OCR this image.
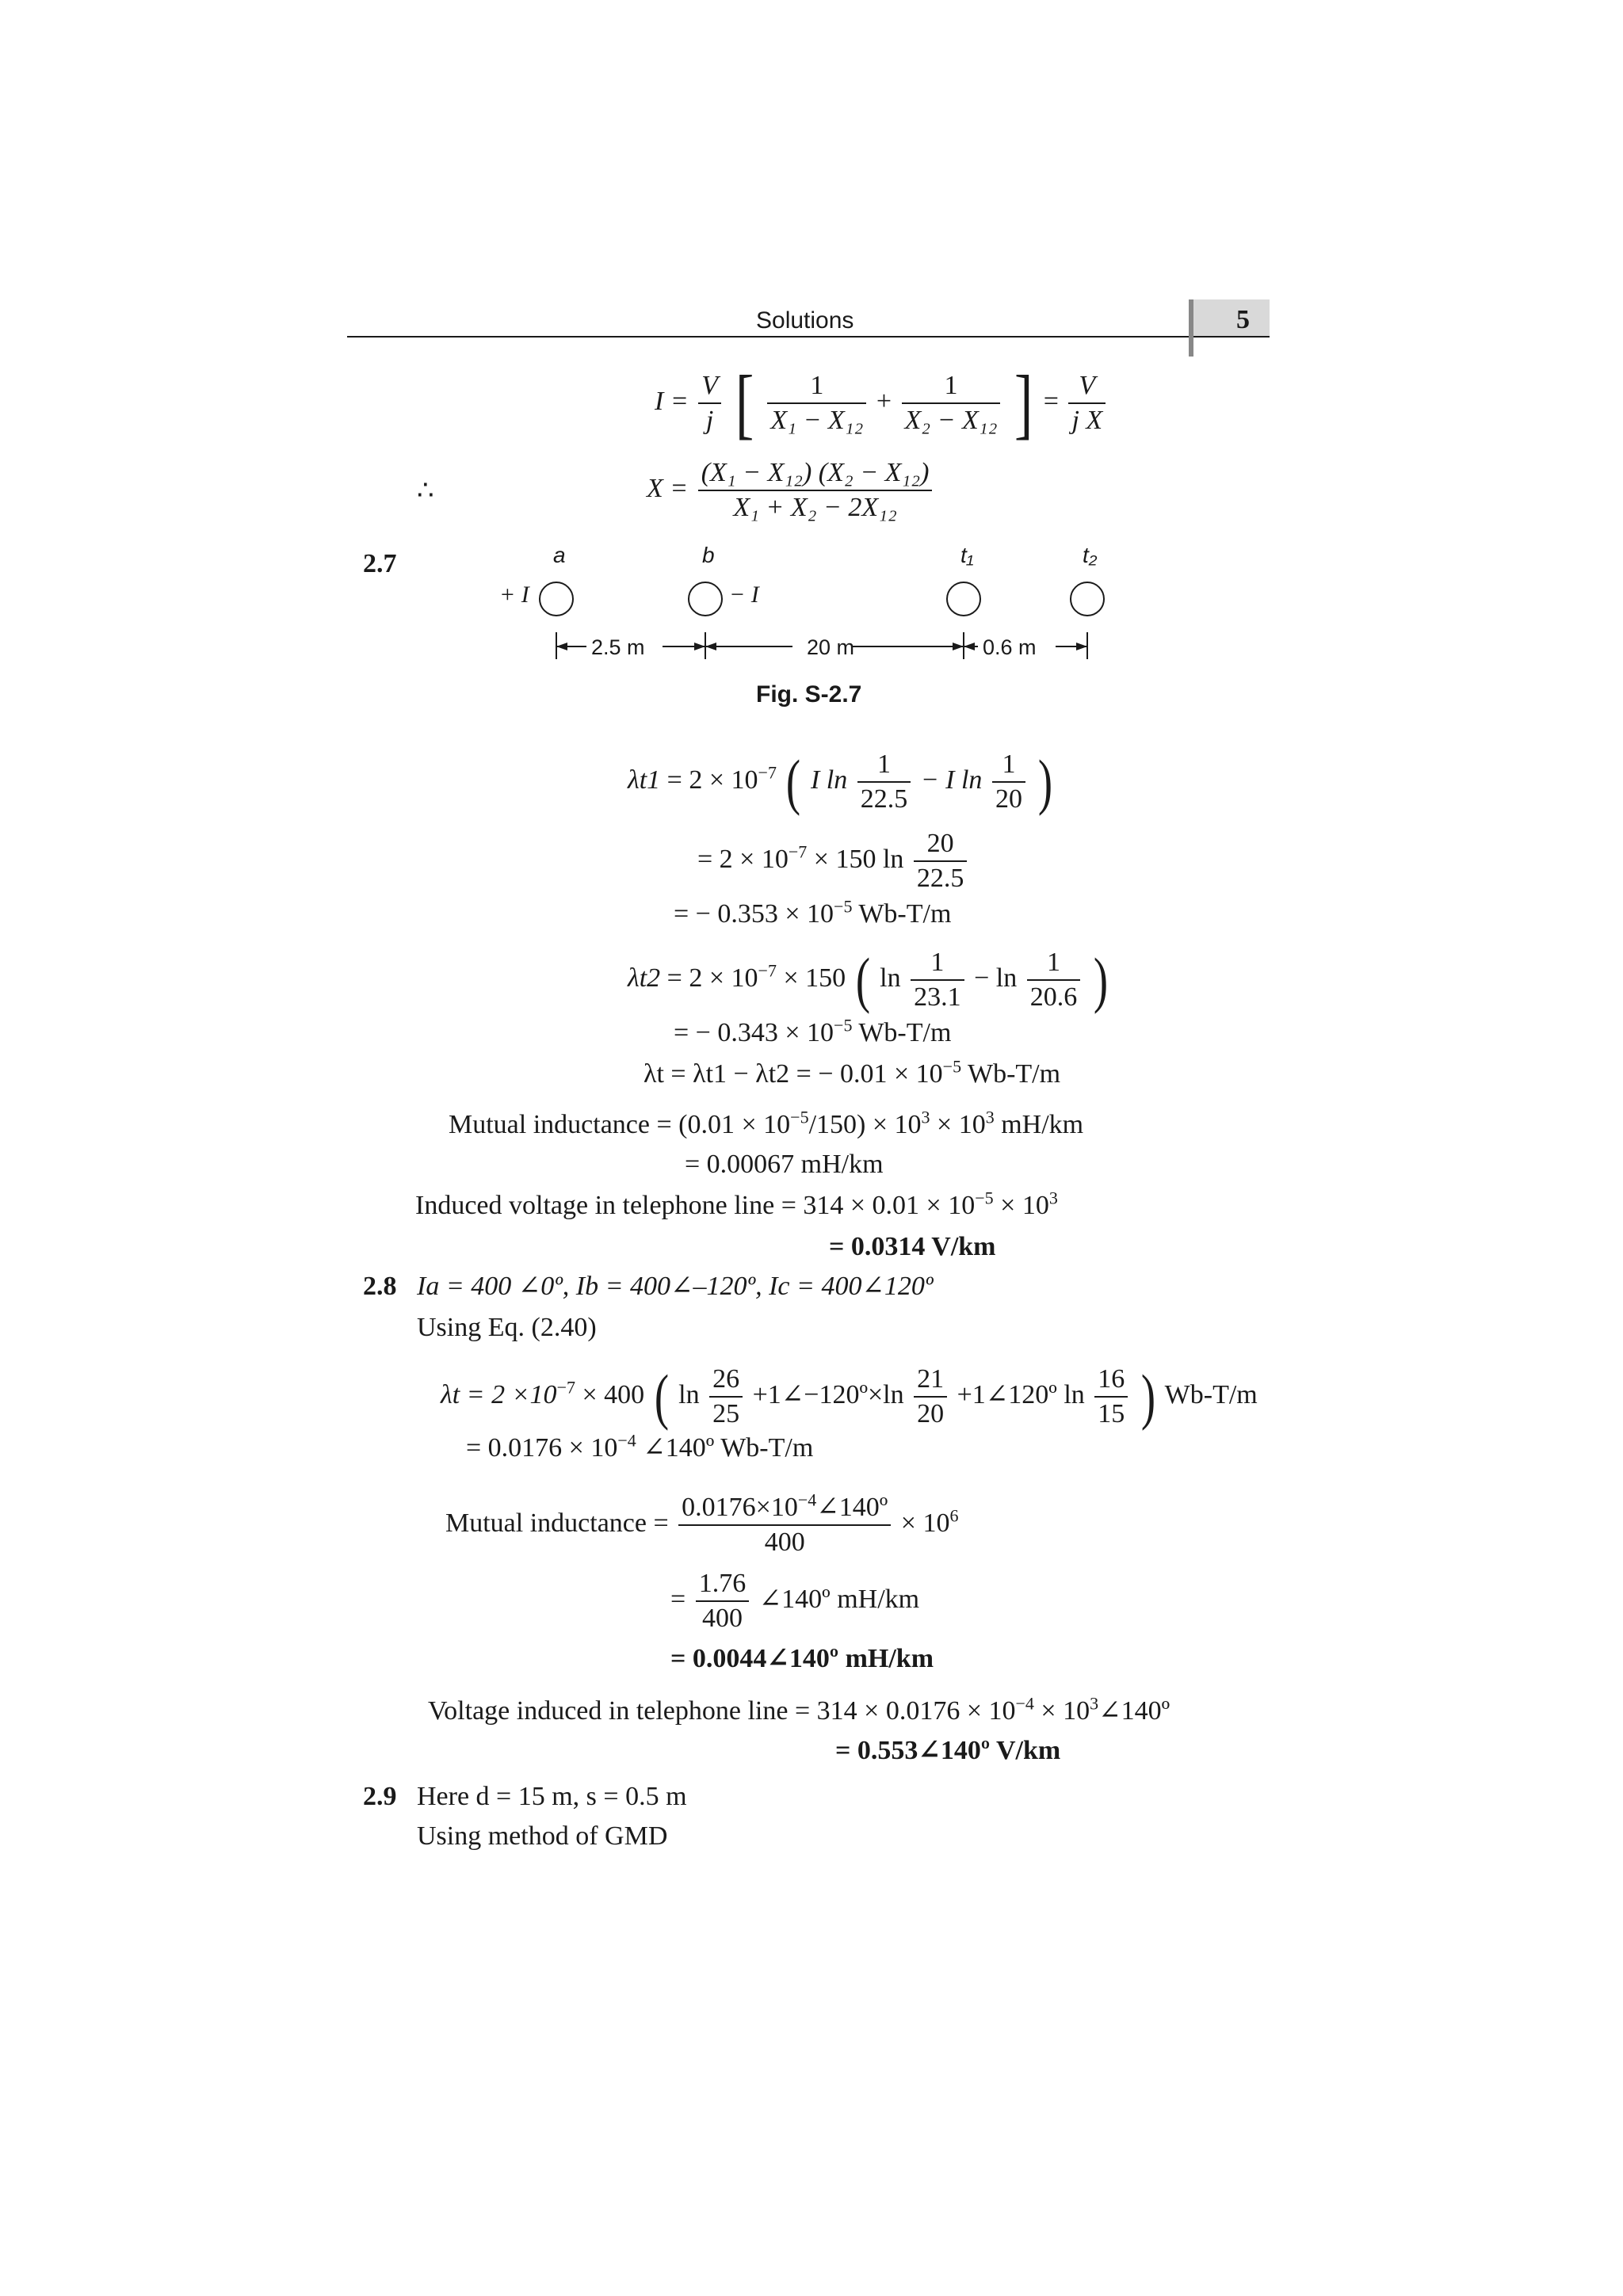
Solutions	5
$I = \frac{V}{j}$ [ $\frac{1}{\text{X₁ − X₁₂}} + \frac{1}{\text{X₂ − X₁₂}}$ ] = $\frac{V}{\text{j X}}$
∴	$X = \frac{\text{(X₁ − X₁₂) (X₂ − X₁₂)}}{\text{X₁ + X₂ − 2X₁₂}}$
2.7	a	b	t₁	t₂
+ I	− I
2.5 m	20 m	0.6 m
Fig. S-2.7
$\lambda t1 = 2 \times 10^{-7}$ ( I $\ln \frac{1}{22.5} - I$ $\ln \frac{1}{20}$ )
= $2 \times 10^{-7} \times 150$ $\ln \frac{20}{22.5}$
= − $0.353 \times 10^{-5}$ Wb-T/m
$\lambda t2 = 2 \times 10^{-7} \times 150$ ( $\ln \frac{1}{23.1} - \ln \frac{1}{20.6}$ )
= − $0.343 \times 10^{-5}$ Wb-T/m
λt = λt1 − λt2 = − $0.01 \times 10^{-5}$ Wb-T/m
Mutual inductance = $(0.01 \times 10^{-5}/150) \times 10^3 \times 10^3$ mH/km
= 0.00067 mH/km
Induced voltage in telephone line = $314 \times 0.01 \times 10^{-5} \times 10^3$
= 0.0314 V/km
2.8 Ia = 400 ∠0º, Ib = 400∠–120º, Ic = 400∠120º
Using Eq. (2.40)
$\lambda t = 2 \times 10^{-7} \times 400$ ( $\ln \frac{26}{25}$ +1∠−120º×ln $\frac{21}{20}$ +1∠120º $\ln \frac{16}{15}$ ) Wb-T/m
= $0.0176 \times 10^{-4}$ ∠140º Wb-T/m
Mutual inductance = $\frac{0.0176\times 10^{-4}\angle 140º}{400} \times 10^6$
= $\frac{1.76}{400}$ ∠140º mH/km
= 0.0044∠140º mH/km
Voltage induced in telephone line = $314 \times 0.0176 \times 10^{-4}$ × $10^3\angle 140º$
= 0.553∠140º V/km
2.9 Here d = 15 m, s = 0.5 m
Using method of GMD
